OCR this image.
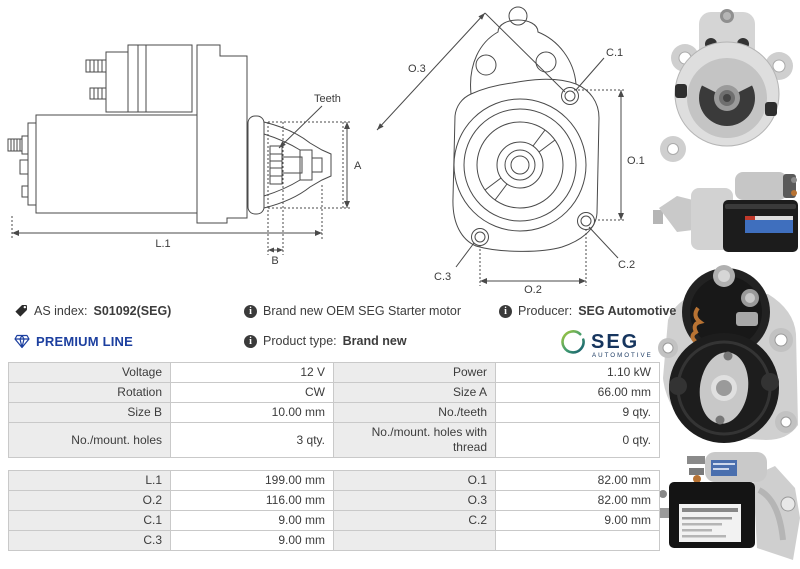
A
L.1
B
Teeth
O.3
C.1
O.1
C.2
C.3
O.2
AS index: S01092(SEG) i	Brand new OEM SEG Starter motor i	Producer: SEG Automotive
PREMIUM LINE i	Product type: Brand new	SEG
AUTOMOTIVE
Voltage	12 V	Power	1.10 kW
Rotation	CW	Size A	66.00 mm
Size B	10.00 mm	No./teeth	9 qty.
No./mount. holes	3 qty.	No./mount. holes with thread	0 qty.
L.1	199.00 mm	O.1	82.00 mm
O.2	116.00 mm	O.3	82.00 mm
C.1	9.00 mm	C.2	9.00 mm
C.3	9.00 mm		
